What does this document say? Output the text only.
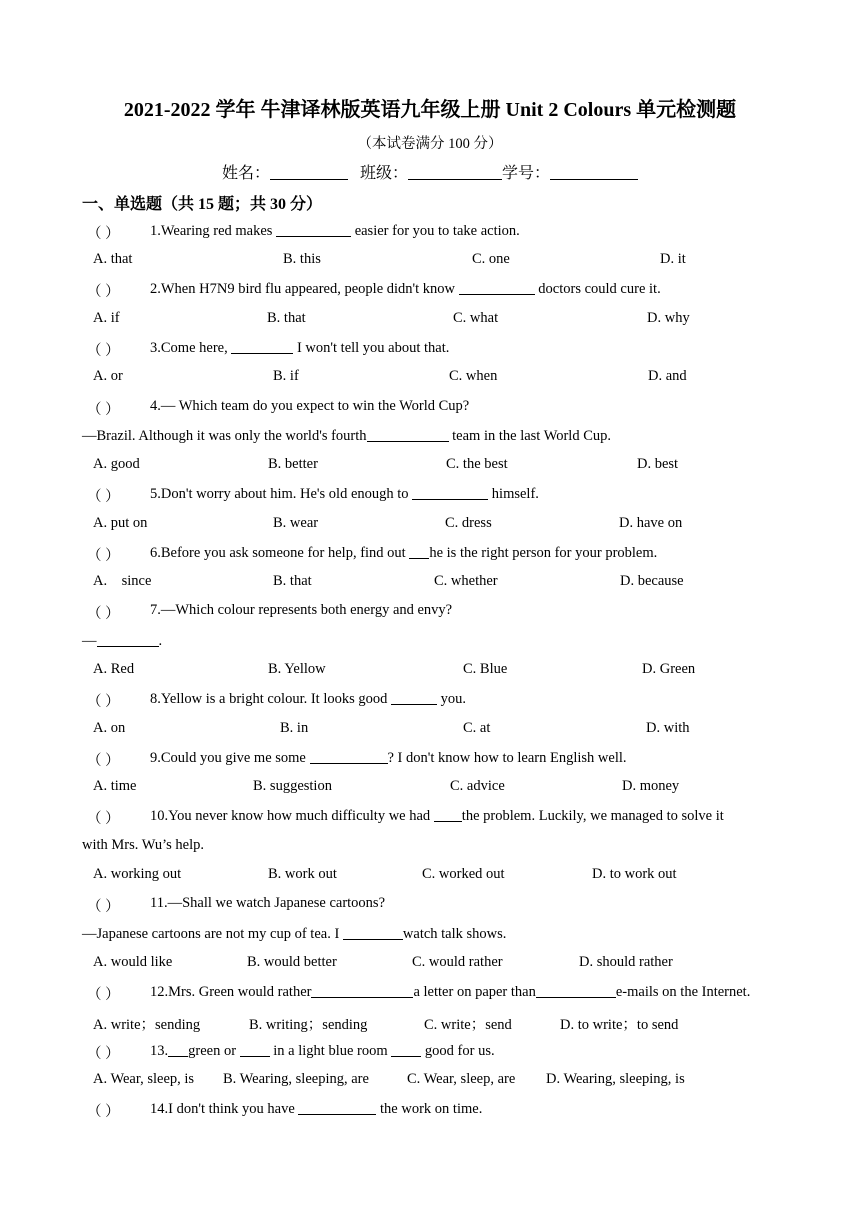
2021-2022 学年 牛津译林版英语九年级上册 Unit 2 Colours 单元检测题
（本试卷满分 100 分）
姓名：	班级：	学号：
一、单选题（共 15 题；共 30 分）
（ ） 1.Wearing red makes	easier for you to take action.
A. that	B. this	C. one	D. it
（ ） 2.When H7N9 bird flu appeared, people didn't know	doctors could cure it.
A. if	B. that	C. what	D. why
（ ） 3.Come here,	I won't tell you about that.
A. or	B. if	C. when	D. and
（ ） 4.— Which team do you expect to win the World Cup?
—Brazil. Although it was only the world's fourth	team in the last World Cup.
A. good	B. better	C. the best	D. best
（ ） 5.Don't worry about him. He's old enough to	himself.
A. put on	B. wear	C. dress	D. have on
（ ） 6.Before you ask someone for help, find out he is the right person for your problem.
A.    since	B. that	C. whether	D. because
（ ） 7.—Which colour represents both energy and envy?
—	.
A. Red	B. Yellow	C. Blue	D. Green
（ ） 8.Yellow is a bright colour. It looks good	you.
A. on	B. in	C. at	D. with
（ ） 9.Could you give me some	? I don't know how to learn English well.
A. time	B. suggestion	C. advice	D. money
（ ） 10.You never know how much difficulty we had the problem. Luckily, we managed to solve it
with Mrs. Wu’s help.
A. working out	B. work out	C. worked out	D. to work out
（ ） 11.—Shall we watch Japanese cartoons?
—Japanese cartoons are not my cup of tea. I	watch talk shows.
A. would like	B. would better	C. would rather	D. should rather
（ ） 12.Mrs. Green would rather	a letter on paper than	e-mails on the Internet.
A. write；sending	B. writing；sending	C. write；send	D. to write；to send
（ ） 13. green or  in a light blue room  good for us.
A. Wear, sleep, is B. Wearing, sleeping, are	C. Wear, sleep, are D. Wearing, sleeping, is
（ ） 14.I don't think you have	the work on time.
